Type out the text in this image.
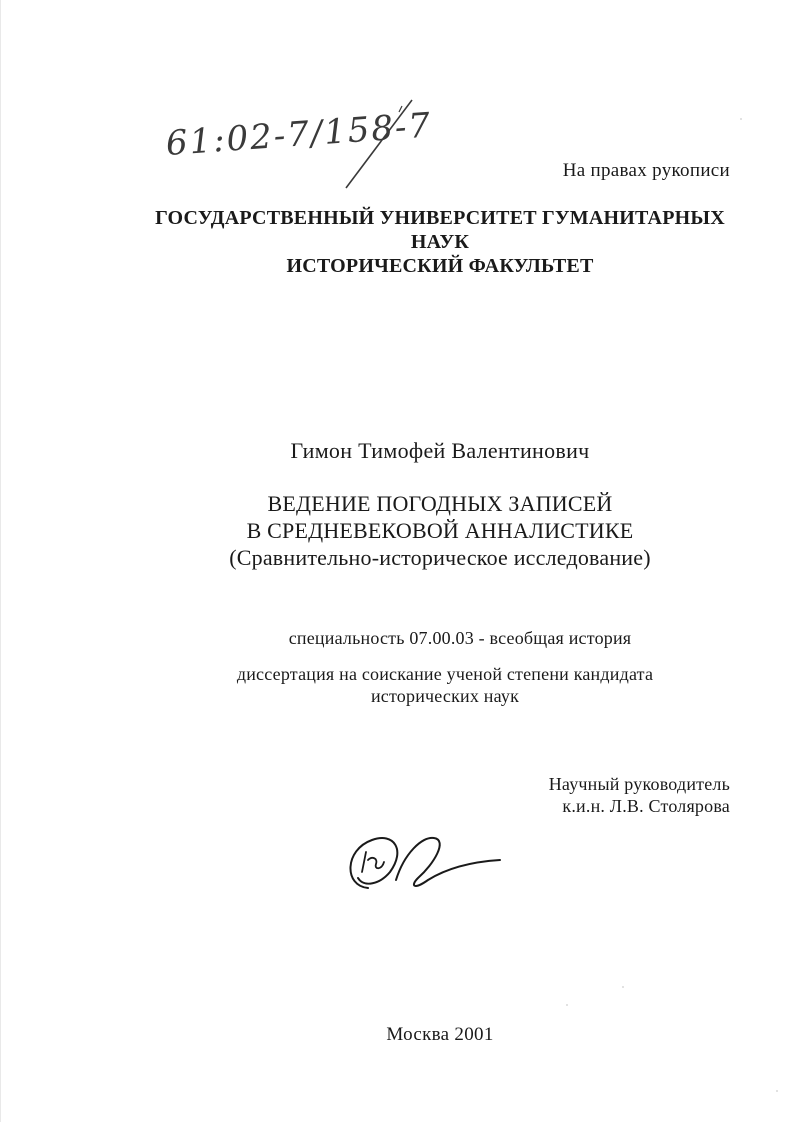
61:02-7/158-7

На правах рукописи

ГОСУДАРСТВЕННЫЙ УНИВЕРСИТЕТ ГУМАНИТАРНЫХ
НАУК
ИСТОРИЧЕСКИЙ ФАКУЛЬТЕТ

Гимон Тимофей Валентинович

ВЕДЕНИЕ ПОГОДНЫХ ЗАПИСЕЙ
В СРЕДНЕВЕКОВОЙ АННАЛИСТИКЕ
(Сравнительно-историческое исследование)

специальность 07.00.03 - всеобщая история

диссертация на соискание ученой степени кандидата
исторических наук

Научный руководитель
к.и.н. Л.В. Столярова

Москва 2001
